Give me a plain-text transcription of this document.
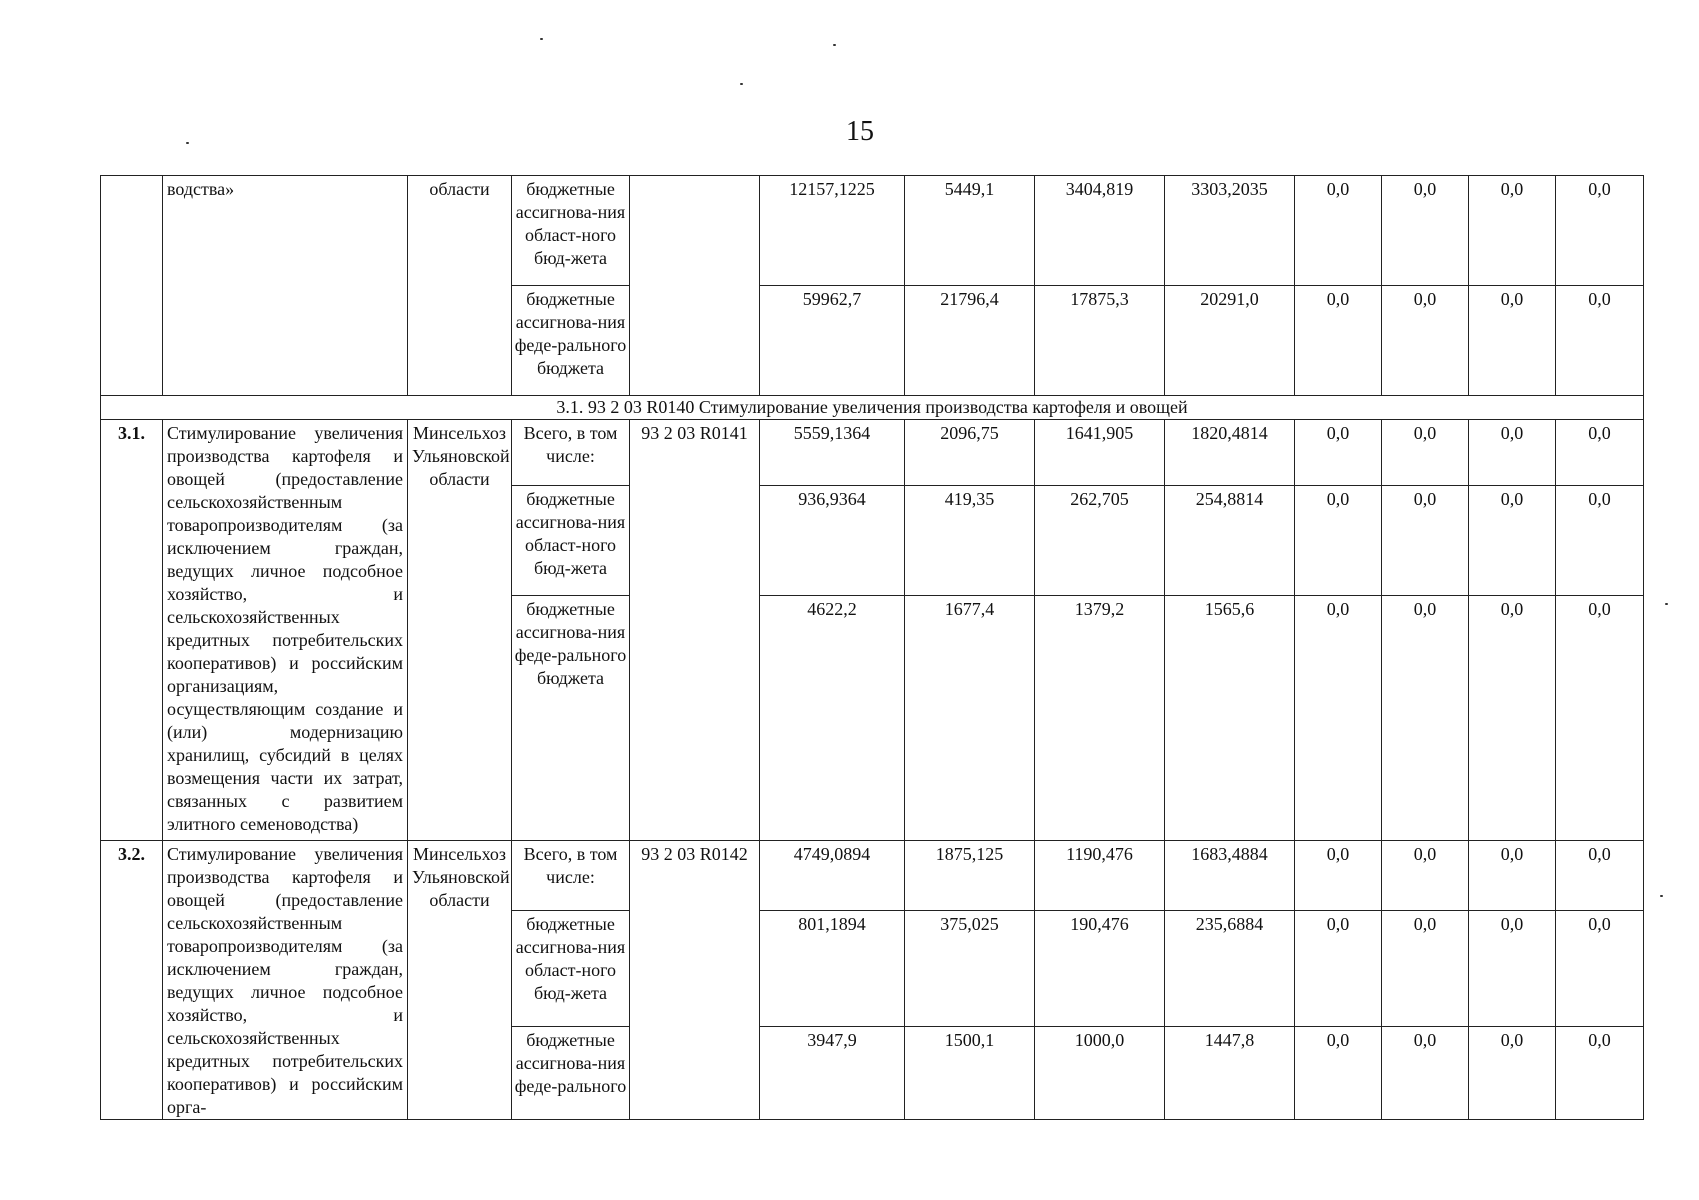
15
	водства»	области	бюджетные ассигнова-ния област-ного бюд-жета		12157,1225	5449,1	3404,819	3303,2035	0,0	0,0	0,0	0,0
			бюджетные ассигнова-ния феде-рального бюджета		59962,7	21796,4	17875,3	20291,0	0,0	0,0	0,0	0,0
3.1. 93 2 03 R0140 Стимулирование увеличения производства картофеля и овощей												
3.1.	Стимулирование увеличения производства картофеля и овощей (предоставление сельскохозяйственным товаропроизводителям (за исключением граждан, ведущих личное подсобное хозяйство, и сельскохозяйственных кредитных потребительских кооперативов) и российским организациям, осуществляющим создание и (или) модернизацию хранилищ, субсидий в целях возмещения части их затрат, связанных с развитием элитного семеноводства)	Минсельхоз Ульяновской области	Всего, в том числе:	93 2 03 R0141	5559,1364	2096,75	1641,905	1820,4814	0,0	0,0	0,0	0,0
			бюджетные ассигнова-ния област-ного бюд-жета		936,9364	419,35	262,705	254,8814	0,0	0,0	0,0	0,0
			бюджетные ассигнова-ния феде-рального бюджета		4622,2	1677,4	1379,2	1565,6	0,0	0,0	0,0	0,0
3.2.	Стимулирование увеличения производства картофеля и овощей (предоставление сельскохозяйственным товаропроизводителям (за исключением граждан, ведущих личное подсобное хозяйство, и сельскохозяйственных кредитных потребительских кооперативов) и российским орга-	Минсельхоз Ульяновской области	Всего, в том числе:	93 2 03 R0142	4749,0894	1875,125	1190,476	1683,4884	0,0	0,0	0,0	0,0
			бюджетные ассигнова-ния област-ного бюд-жета		801,1894	375,025	190,476	235,6884	0,0	0,0	0,0	0,0
			бюджетные ассигнова-ния феде-рального		3947,9	1500,1	1000,0	1447,8	0,0	0,0	0,0	0,0
